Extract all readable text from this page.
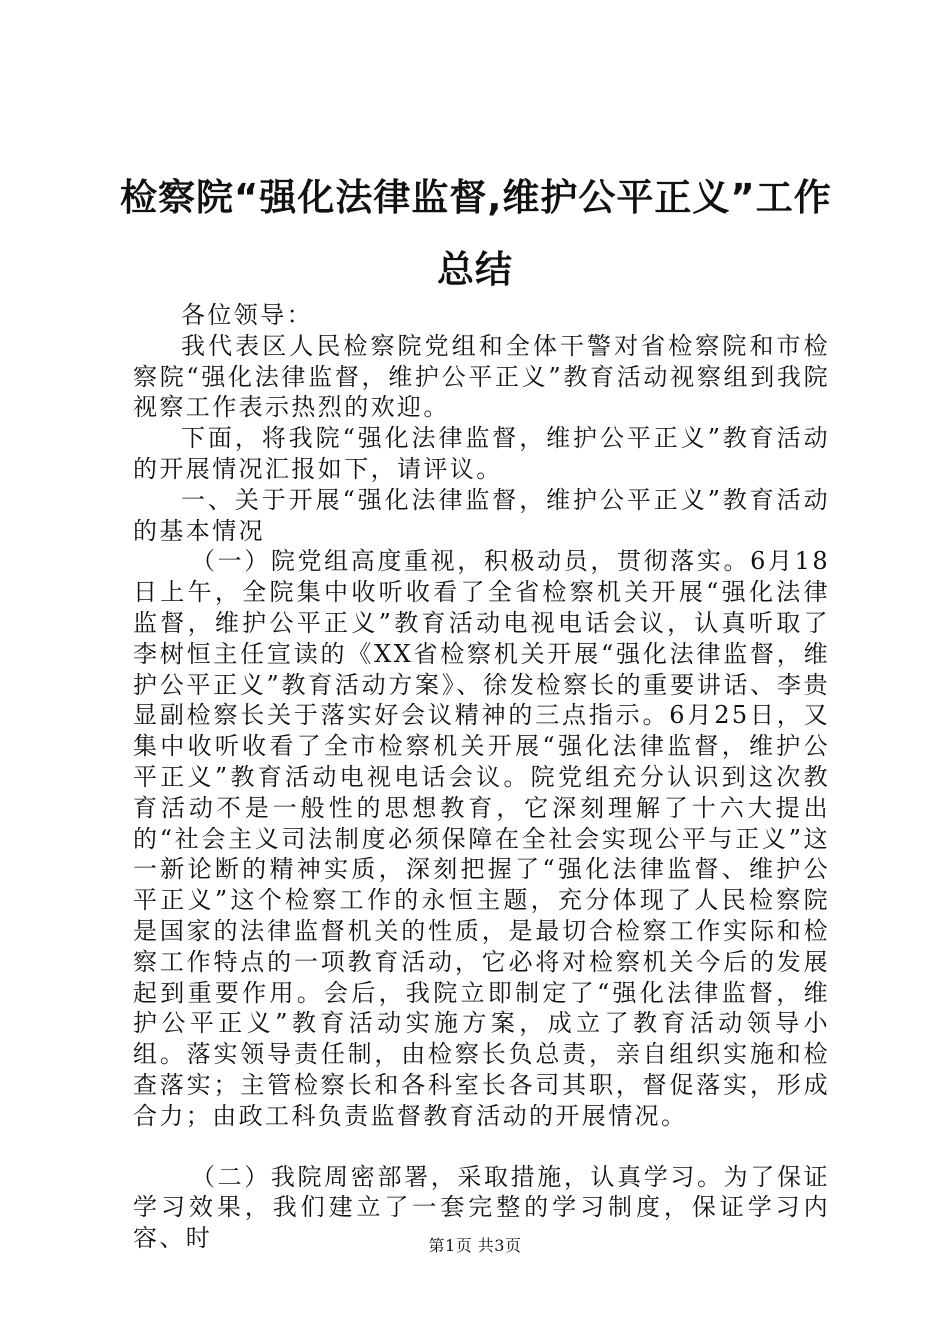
检察院“强化法律监督,维护公平正义”工作
总结

各位领导：

我代表区人民检察院党组和全体干警对省检察院和市检察院“强化法律监督，维护公平正义”教育活动视察组到我院视察工作表示热烈的欢迎。

下面，将我院“强化法律监督，维护公平正义”教育活动的开展情况汇报如下，请评议。

一、关于开展“强化法律监督，维护公平正义”教育活动的基本情况

（一）院党组高度重视，积极动员，贯彻落实。6月18日上午，全院集中收听收看了全省检察机关开展“强化法律监督，维护公平正义”教育活动电视电话会议，认真听取了李树恒主任宣读的《XX省检察机关开展“强化法律监督，维护公平正义”教育活动方案》、徐发检察长的重要讲话、李贵显副检察长关于落实好会议精神的三点指示。6月25日，又集中收听收看了全市检察机关开展“强化法律监督，维护公平正义”教育活动电视电话会议。院党组充分认识到这次教育活动不是一般性的思想教育，它深刻理解了十六大提出的“社会主义司法制度必须保障在全社会实现公平与正义”这一新论断的精神实质，深刻把握了“强化法律监督、维护公平正义”这个检察工作的永恒主题，充分体现了人民检察院是国家的法律监督机关的性质，是最切合检察工作实际和检察工作特点的一项教育活动，它必将对检察机关今后的发展起到重要作用。会后，我院立即制定了“强化法律监督，维护公平正义”教育活动实施方案，成立了教育活动领导小组。落实领导责任制，由检察长负总责，亲自组织实施和检查落实；主管检察长和各科室长各司其职，督促落实，形成合力；由政工科负责监督教育活动的开展情况。

（二）我院周密部署，采取措施，认真学习。为了保证学习效果，我们建立了一套完整的学习制度，保证学习内容、时	第1页 共3页
